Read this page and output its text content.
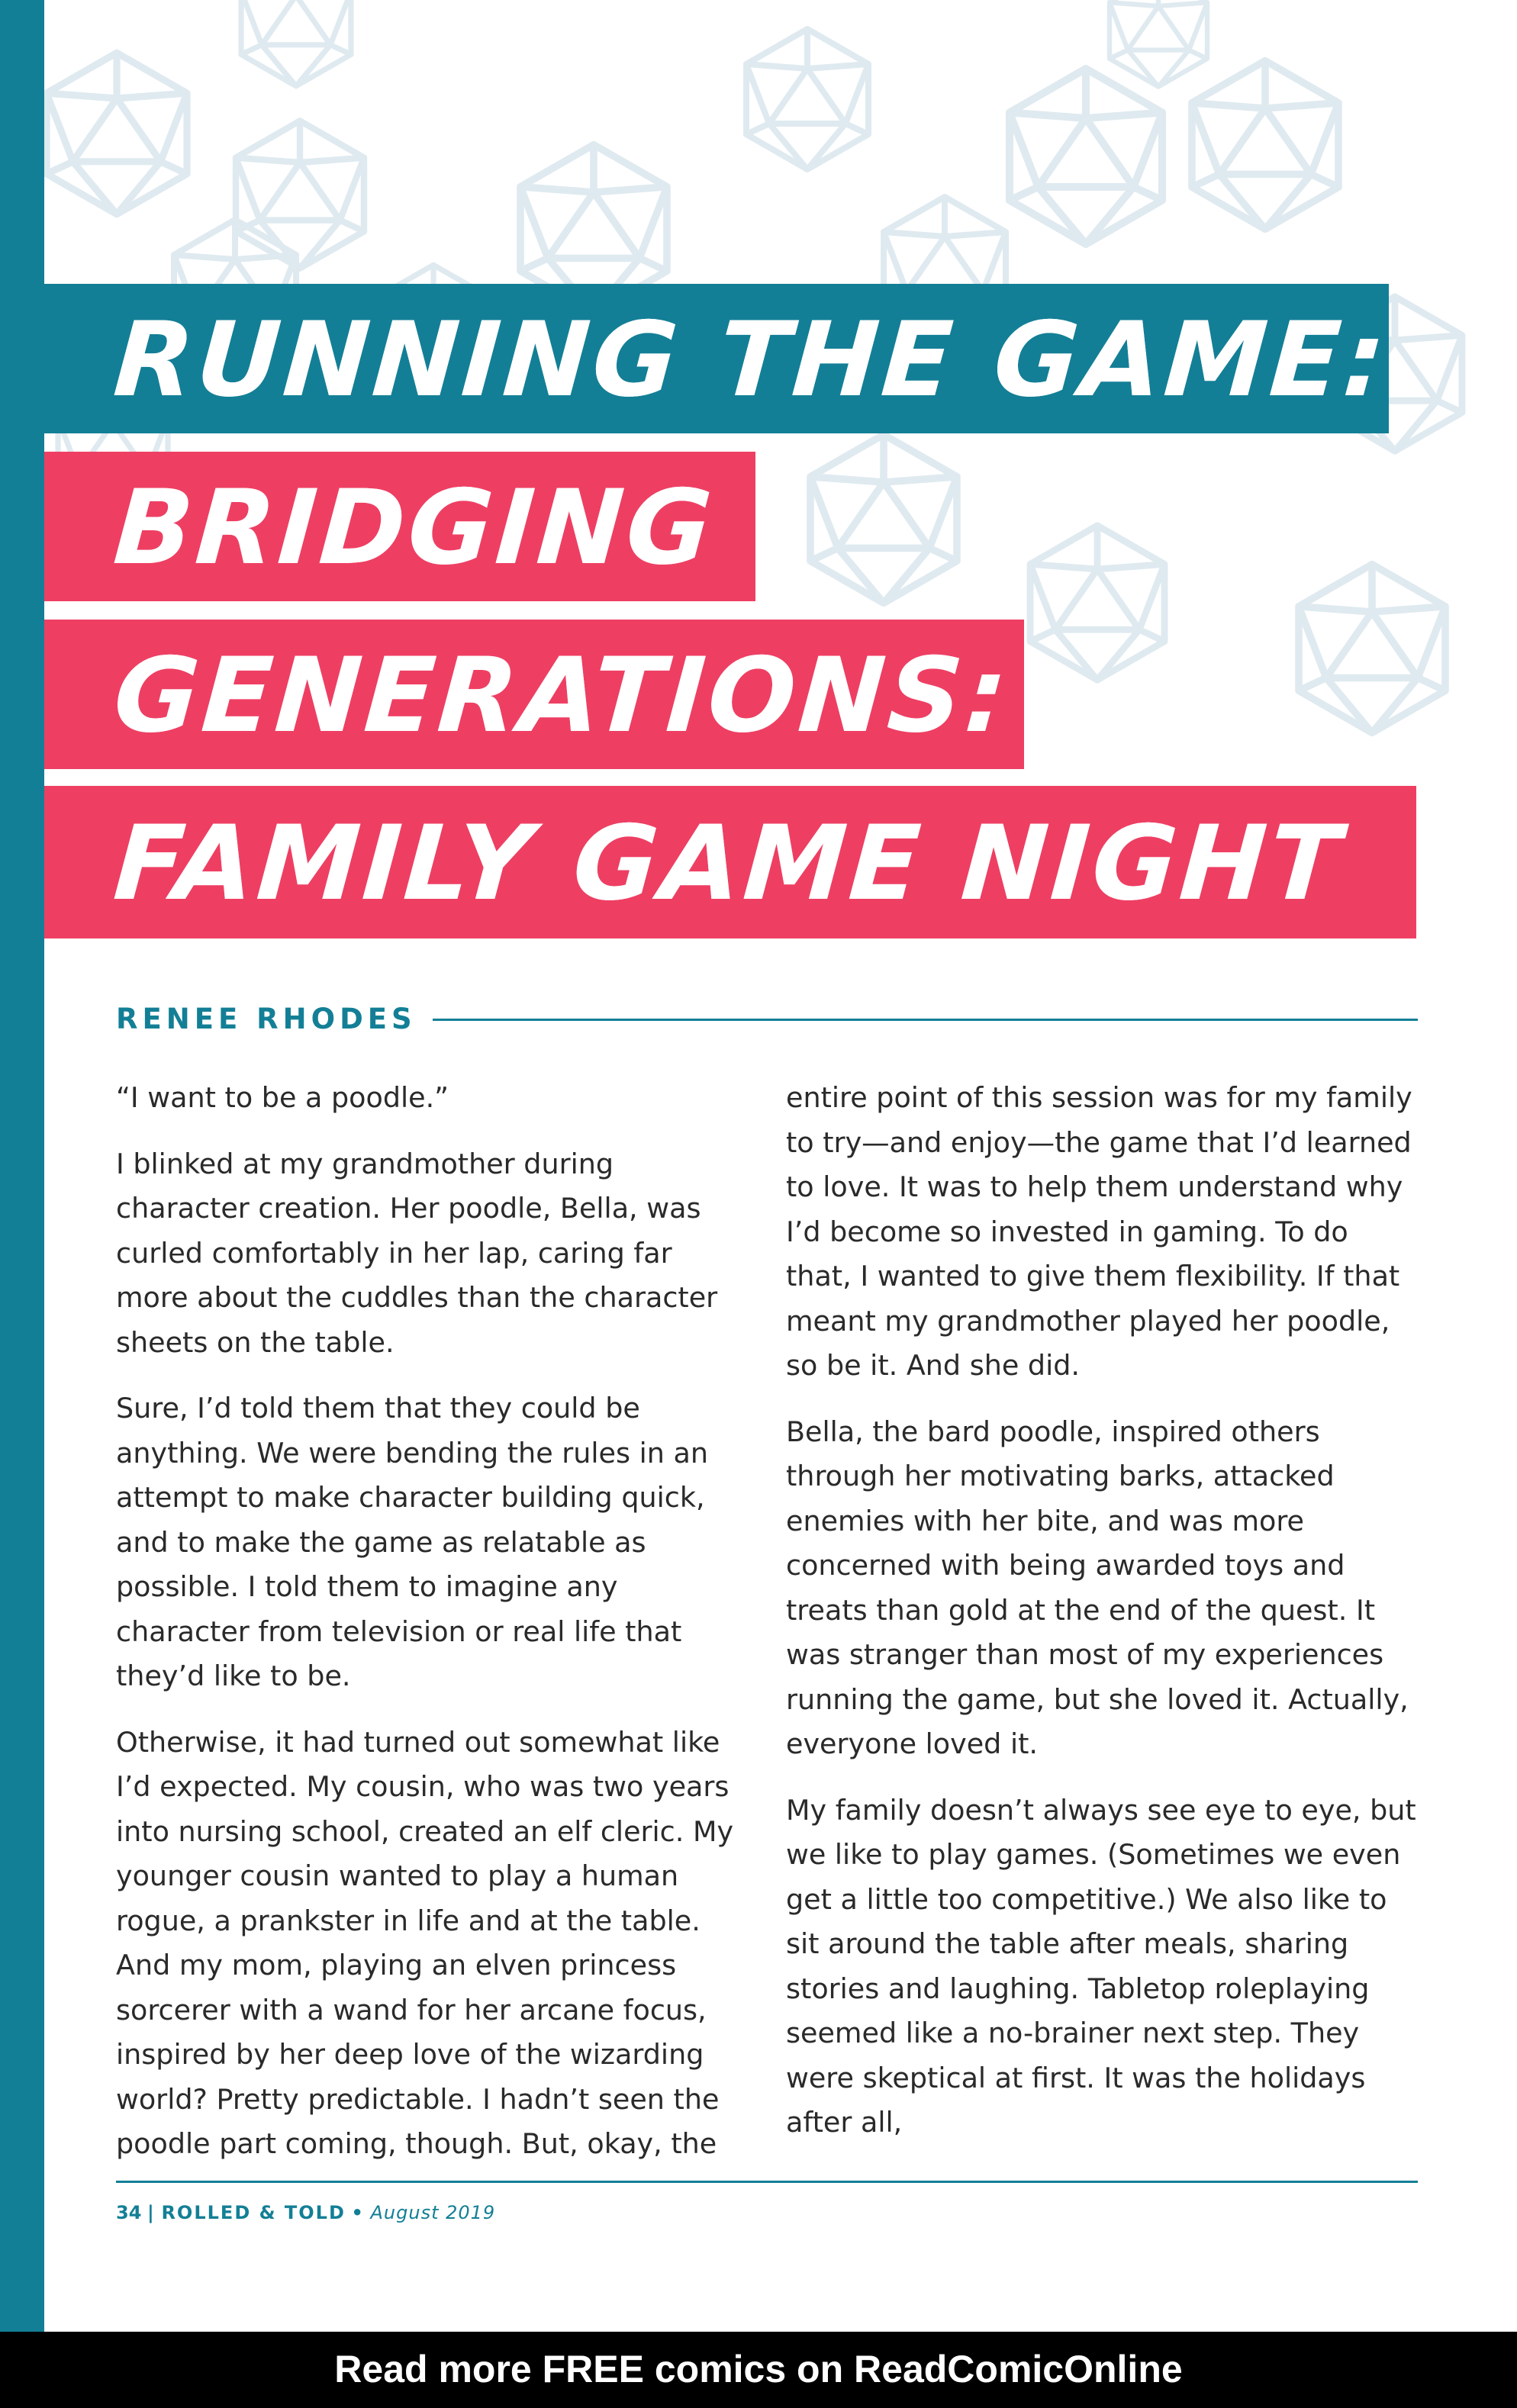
RUNNING THE GAME:
BRIDGING
GENERATIONS:
FAMILY GAME NIGHT
RENEE RHODES

“I want to be a poodle.”

I blinked at my grandmother during character creation. Her poodle, Bella, was curled comfortably in her lap, caring far more about the cuddles than the character sheets on the table.

Sure, I’d told them that they could be anything. We were bending the rules in an attempt to make character building quick, and to make the game as relatable as possible. I told them to imagine any character from television or real life that they’d like to be.

Otherwise, it had turned out somewhat like I’d expected. My cousin, who was two years into nursing school, created an elf cleric. My younger cousin wanted to play a human rogue, a prankster in life and at the table. And my mom, playing an elven princess sorcerer with a wand for her arcane focus, inspired by her deep love of the wizarding world? Pretty predictable. I hadn’t seen the poodle part coming, though. But, okay, the

entire point of this session was for my family to try—and enjoy—the game that I’d learned to love. It was to help them understand why I’d become so invested in gaming. To do that, I wanted to give them flexibility. If that meant my grandmother played her poodle, so be it. And she did.

Bella, the bard poodle, inspired others through her motivating barks, attacked enemies with her bite, and was more concerned with being awarded toys and treats than gold at the end of the quest. It was stranger than most of my experiences running the game, but she loved it. Actually, everyone loved it.

My family doesn’t always see eye to eye, but we like to play games. (Sometimes we even get a little too competitive.) We also like to sit around the table after meals, sharing stories and laughing. Tabletop roleplaying seemed like a no-brainer next step. They were skeptical at first. It was the holidays after all,

34 | ROLLED & TOLD • August 2019
Read more FREE comics on ReadComicOnline
